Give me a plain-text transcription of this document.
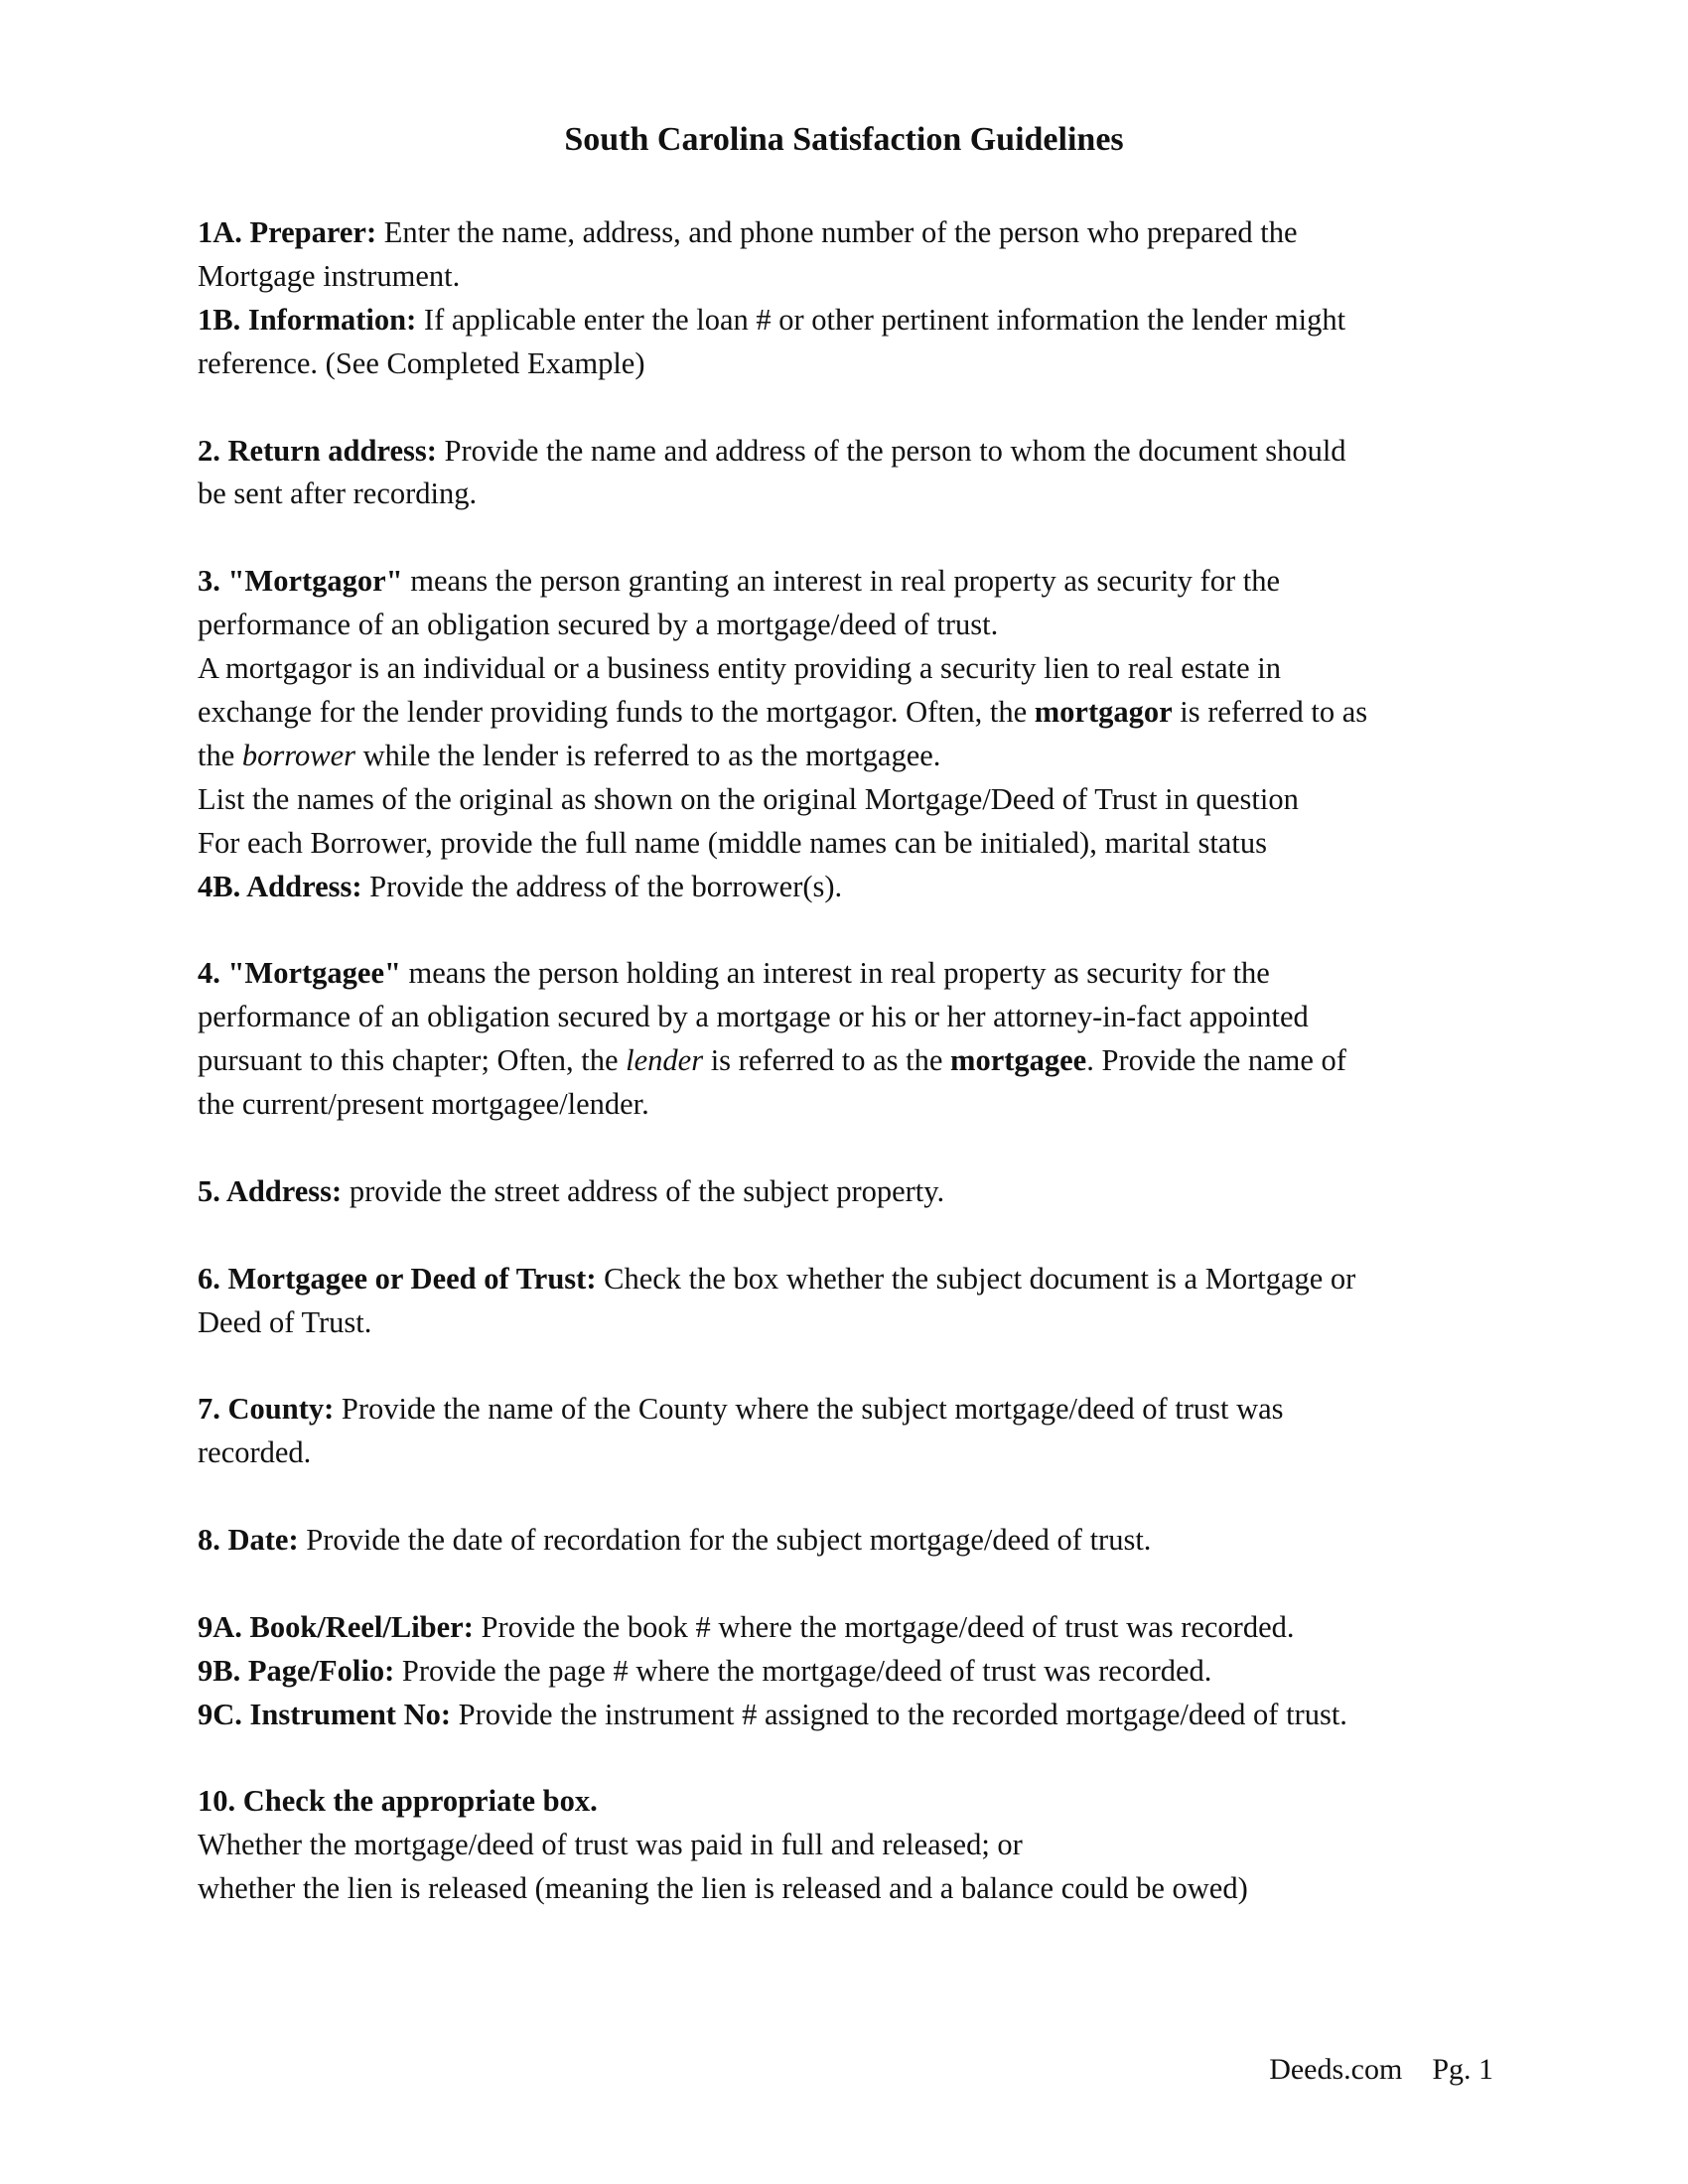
South Carolina Satisfaction Guidelines
1A. Preparer: Enter the name, address, and phone number of the person who prepared the
Mortgage instrument.
1B. Information: If applicable enter the loan # or other pertinent information the lender might
reference. (See Completed Example)
2. Return address: Provide the name and address of the person to whom the document should
be sent after recording.
3. "Mortgagor" means the person granting an interest in real property as security for the
performance of an obligation secured by a mortgage/deed of trust.
A mortgagor is an individual or a business entity providing a security lien to real estate in
exchange for the lender providing funds to the mortgagor. Often, the mortgagor is referred to as
the borrower while the lender is referred to as the mortgagee.
List the names of the original as shown on the original Mortgage/Deed of Trust in question
For each Borrower, provide the full name (middle names can be initialed), marital status
4B. Address: Provide the address of the borrower(s).
4. "Mortgagee" means the person holding an interest in real property as security for the
performance of an obligation secured by a mortgage or his or her attorney-in-fact appointed
pursuant to this chapter; Often, the lender is referred to as the mortgagee. Provide the name of
the current/present mortgagee/lender.
5. Address: provide the street address of the subject property.
6. Mortgagee or Deed of Trust: Check the box whether the subject document is a Mortgage or
Deed of Trust.
7. County: Provide the name of the County where the subject mortgage/deed of trust was
recorded.
8. Date: Provide the date of recordation for the subject mortgage/deed of trust.
9A. Book/Reel/Liber: Provide the book # where the mortgage/deed of trust was recorded.
9B. Page/Folio: Provide the page # where the mortgage/deed of trust was recorded.
9C. Instrument No: Provide the instrument # assigned to the recorded mortgage/deed of trust.
10. Check the appropriate box.
Whether the mortgage/deed of trust was paid in full and released; or
whether the lien is released (meaning the lien is released and a balance could be owed)
Deeds.com Pg. 1
